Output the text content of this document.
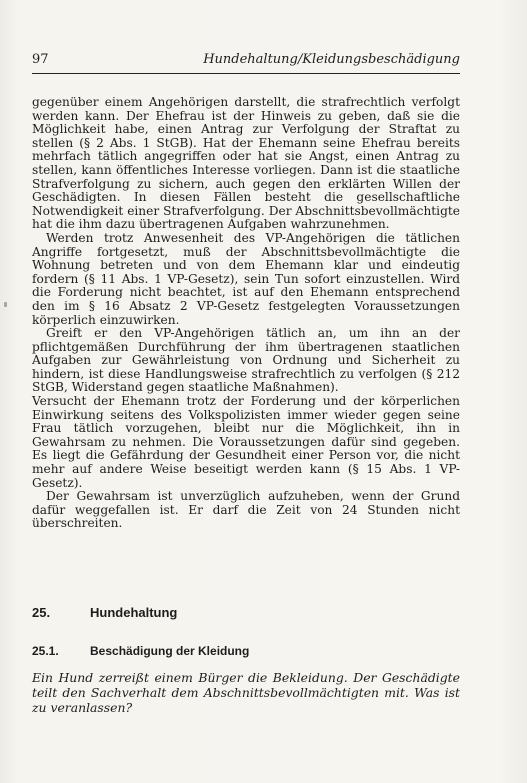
97	Hundehaltung/Kleidungsbeschädigung

gegenüber einem Angehörigen darstellt, die strafrechtlich verfolgt werden kann. Der Ehefrau ist der Hinweis zu geben, daß sie die Möglichkeit habe, einen Antrag zur Verfolgung der Straftat zu stellen (§ 2 Abs. 1 StGB). Hat der Ehemann seine Ehefrau bereits mehrfach tätlich angegriffen oder hat sie Angst, einen Antrag zu stellen, kann öffentliches Interesse vorliegen. Dann ist die staatliche Strafverfolgung zu sichern, auch gegen den erklärten Willen der Geschädigten. In diesen Fällen besteht die gesellschaftliche Notwendigkeit einer Strafverfolgung. Der Abschnittsbevollmächtigte hat die ihm dazu übertragenen Aufgaben wahrzunehmen.

Werden trotz Anwesenheit des VP-Angehörigen die tätlichen Angriffe fortgesetzt, muß der Abschnittsbevollmächtigte die Wohnung betreten und von dem Ehemann klar und eindeutig fordern (§ 11 Abs. 1 VP-Gesetz), sein Tun sofort einzustellen. Wird die Forderung nicht beachtet, ist auf den Ehemann entsprechend den im § 16 Absatz 2 VP-Gesetz festgelegten Voraussetzungen körperlich einzuwirken.

Greift er den VP-Angehörigen tätlich an, um ihn an der pflichtgemäßen Durchführung der ihm übertragenen staatlichen Aufgaben zur Gewährleistung von Ordnung und Sicherheit zu hindern, ist diese Handlungsweise strafrechtlich zu verfolgen (§ 212 StGB, Widerstand gegen staatliche Maßnahmen).

Versucht der Ehemann trotz der Forderung und der körperlichen Einwirkung seitens des Volkspolizisten immer wieder gegen seine Frau tätlich vorzugehen, bleibt nur die Möglichkeit, ihn in Gewahrsam zu nehmen. Die Voraussetzungen dafür sind gegeben. Es liegt die Gefährdung der Gesundheit einer Person vor, die nicht mehr auf andere Weise beseitigt werden kann (§ 15 Abs. 1 VP-Gesetz).

Der Gewahrsam ist unverzüglich aufzuheben, wenn der Grund dafür weggefallen ist. Er darf die Zeit von 24 Stunden nicht überschreiten.

25.	Hundehaltung
25.1.	Beschädigung der Kleidung

Ein Hund zerreißt einem Bürger die Bekleidung. Der Geschädigte teilt den Sachverhalt dem Abschnittsbevollmächtigten mit. Was ist zu veranlassen?
